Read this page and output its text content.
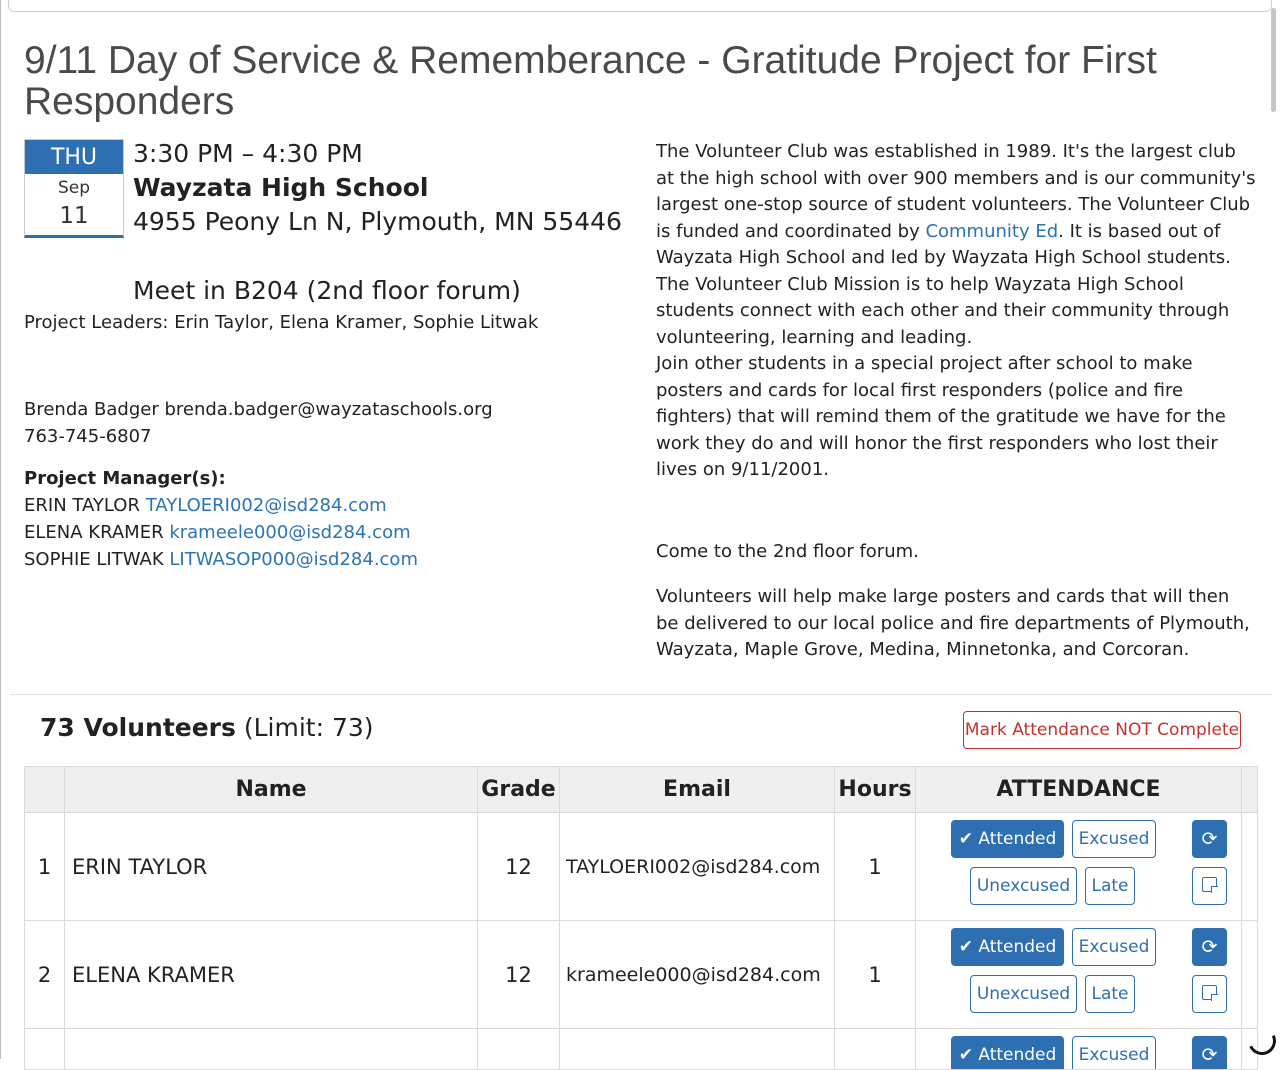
9/11 Day of Service & Rememberance - Gratitude Project for First Responders
THU
Sep
11
3:30 PM – 4:30 PM
Wayzata High School
4955 Peony Ln N, Plymouth, MN 55446
Meet in B204 (2nd floor forum)
Project Leaders: Erin Taylor, Elena Kramer, Sophie Litwak
Brenda Badger brenda.badger@wayzataschools.org
763-745-6807
Project Manager(s):
ERIN TAYLOR TAYLOERI002@isd284.com
ELENA KRAMER krameele000@isd284.com
SOPHIE LITWAK LITWASOP000@isd284.com

The Volunteer Club was established in 1989. It's the largest club at the high school with over 900 members and is our community's largest one-stop source of student volunteers. The Volunteer Club is funded and coordinated by Community Ed. It is based out of Wayzata High School and led by Wayzata High School students. The Volunteer Club Mission is to help Wayzata High School students connect with each other and their community through volunteering, learning and leading.

Join other students in a special project after school to make posters and cards for local first responders (police and fire fighters) that will remind them of the gratitude we have for the work they do and will honor the first responders who lost their lives on 9/11/2001.

Come to the 2nd floor forum.

Volunteers will help make large posters and cards that will then be delivered to our local police and fire departments of Plymouth, Wayzata, Maple Grove, Medina, Minnetonka, and Corcoran.

73 Volunteers (Limit: 73)	Mark Attendance NOT Complete
	Name	Grade	Email	Hours	ATTENDANCE	
1	ERIN TAYLOR	12	TAYLOERI002@isd284.com	1	✔ Attended Excused
Unexcused Late
⟳	

2	ELENA KRAMER	12	krameele000@isd284.com	1	✔ Attended Excused
Unexcused Late
⟳	

					✔ Attended Excused ⟳	
